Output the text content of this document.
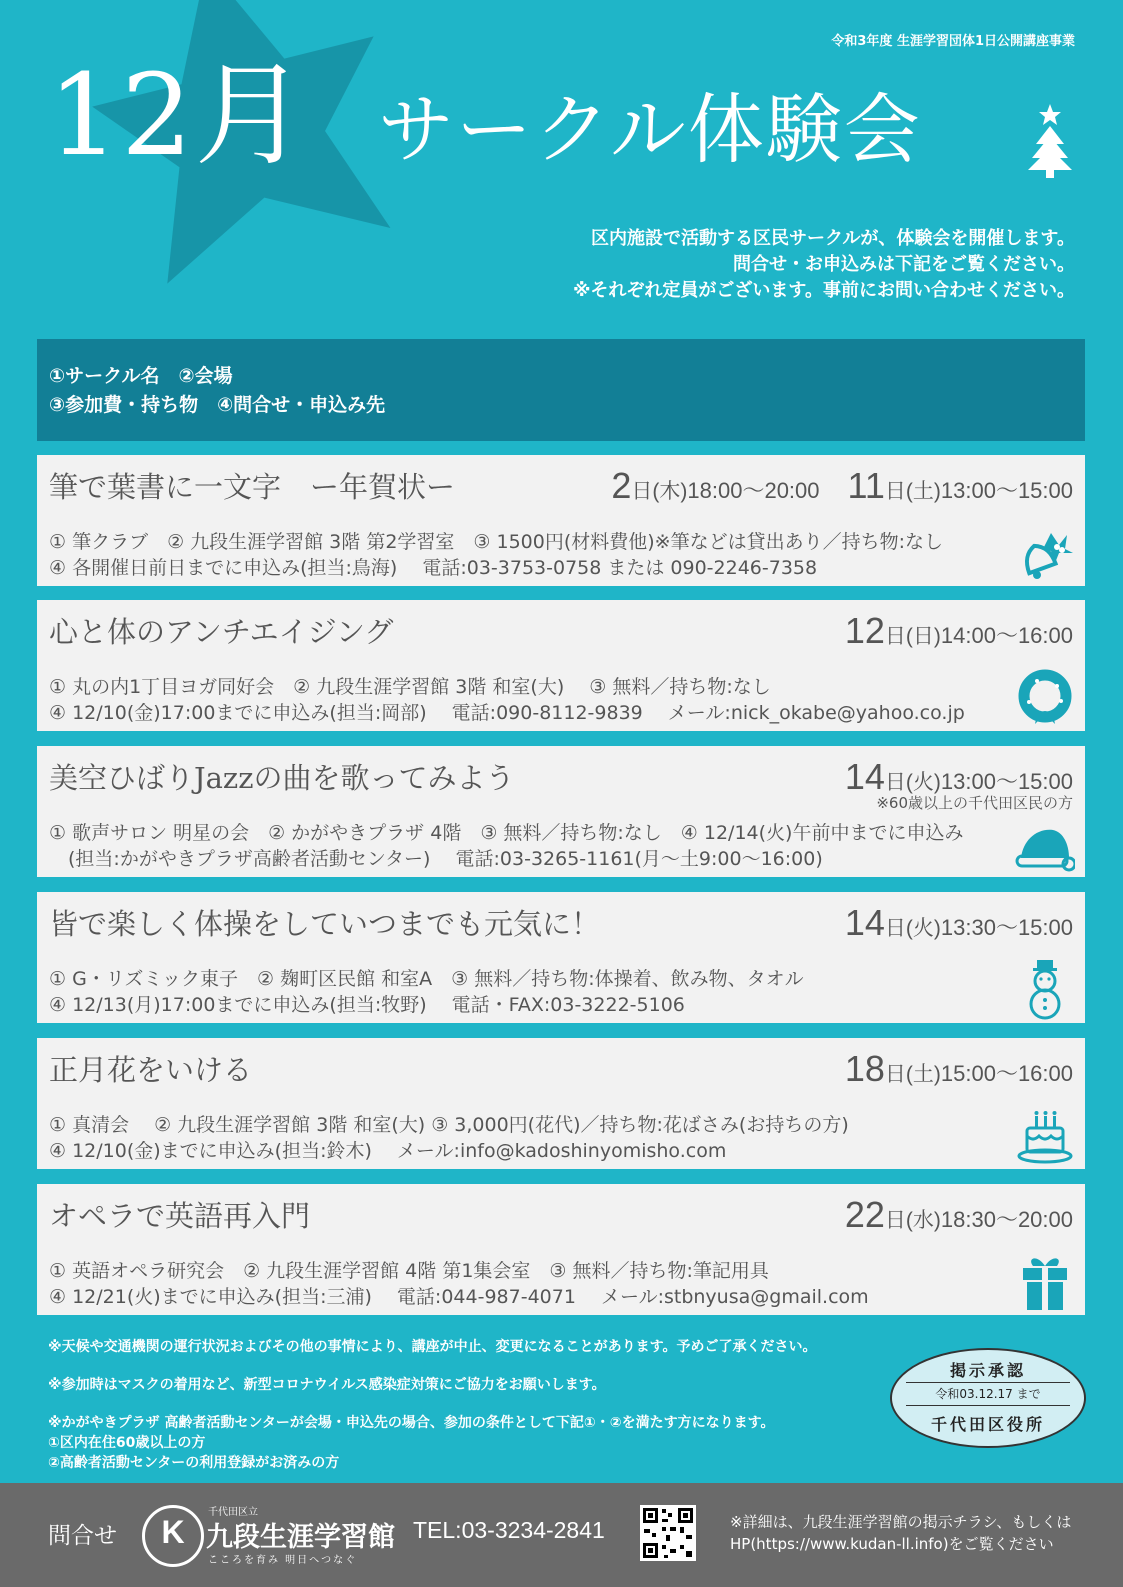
令和3年度 生涯学習団体1日公開講座事業
12月 サークル体験会
区内施設で活動する区民サークルが、体験会を開催します。
問合せ・お申込みは下記をご覧ください。
※それぞれ定員がございます。事前にお問い合わせください。
①サークル名　②会場
③参加費・持ち物　④問合せ・申込み先
筆で葉書に一文字　ー年賀状ー	2日(木)18:00～20:00 11日(土)13:00～15:00
① 筆クラブ　② 九段生涯学習館 3階 第2学習室　③ 1500円(材料費他)※筆などは貸出あり／持ち物:なし
④ 各開催日前日までに申込み(担当:鳥海)　 電話:03-3753-0758 または 090-2246-7358
心と体のアンチエイジング	12日(日)14:00～16:00
① 丸の内1丁目ヨガ同好会　② 九段生涯学習館 3階 和室(大)　 ③ 無料／持ち物:なし
④ 12/10(金)17:00までに申込み(担当:岡部)　 電話:090-8112-9839　 メール:nick_okabe@yahoo.co.jp
美空ひばりJazzの曲を歌ってみよう	14日(火)13:00～15:00
※60歳以上の千代田区民の方
① 歌声サロン 明星の会　② かがやきプラザ 4階　③ 無料／持ち物:なし　④ 12/14(火)午前中までに申込み
　(担当:かがやきプラザ高齢者活動センター)　 電話:03-3265-1161(月～土9:00～16:00)
皆で楽しく体操をしていつまでも元気に！	14日(火)13:30～15:00
① G・リズミック東子　② 麹町区民館 和室A　③ 無料／持ち物:体操着、飲み物、タオル
④ 12/13(月)17:00までに申込み(担当:牧野)　 電話・FAX:03-3222-5106
正月花をいける	18日(土)15:00～16:00
① 真清会　 ② 九段生涯学習館 3階 和室(大) ③ 3,000円(花代)／持ち物:花ばさみ(お持ちの方)
④ 12/10(金)までに申込み(担当:鈴木)　 メール:info@kadoshinyomisho.com
オペラで英語再入門	22日(水)18:30～20:00
① 英語オペラ研究会　② 九段生涯学習館 4階 第1集会室　③ 無料／持ち物:筆記用具
④ 12/21(火)までに申込み(担当:三浦)　 電話:044-987-4071　 メール:stbnyusa@gmail.com
※天候や交通機関の運行状況およびその他の事情により、講座が中止、変更になることがあります。予めご了承ください。
※参加時はマスクの着用など、新型コロナウイルス感染症対策にご協力をお願いします。
※かがやきプラザ 高齢者活動センターが会場・申込先の場合、参加の条件として下記①・②を満たす方になります。
①区内在住60歳以上の方
②高齢者活動センターの利用登録がお済みの方
掲示承認
令和03.12.17 まで
千代田区役所
問合せ	K
千代田区立
九段生涯学習館
こころを育み 明日へつなぐ
TEL:03-3234-2841	※詳細は、九段生涯学習館の掲示チラシ、もしくは
HP(https://www.kudan-ll.info)をご覧ください
